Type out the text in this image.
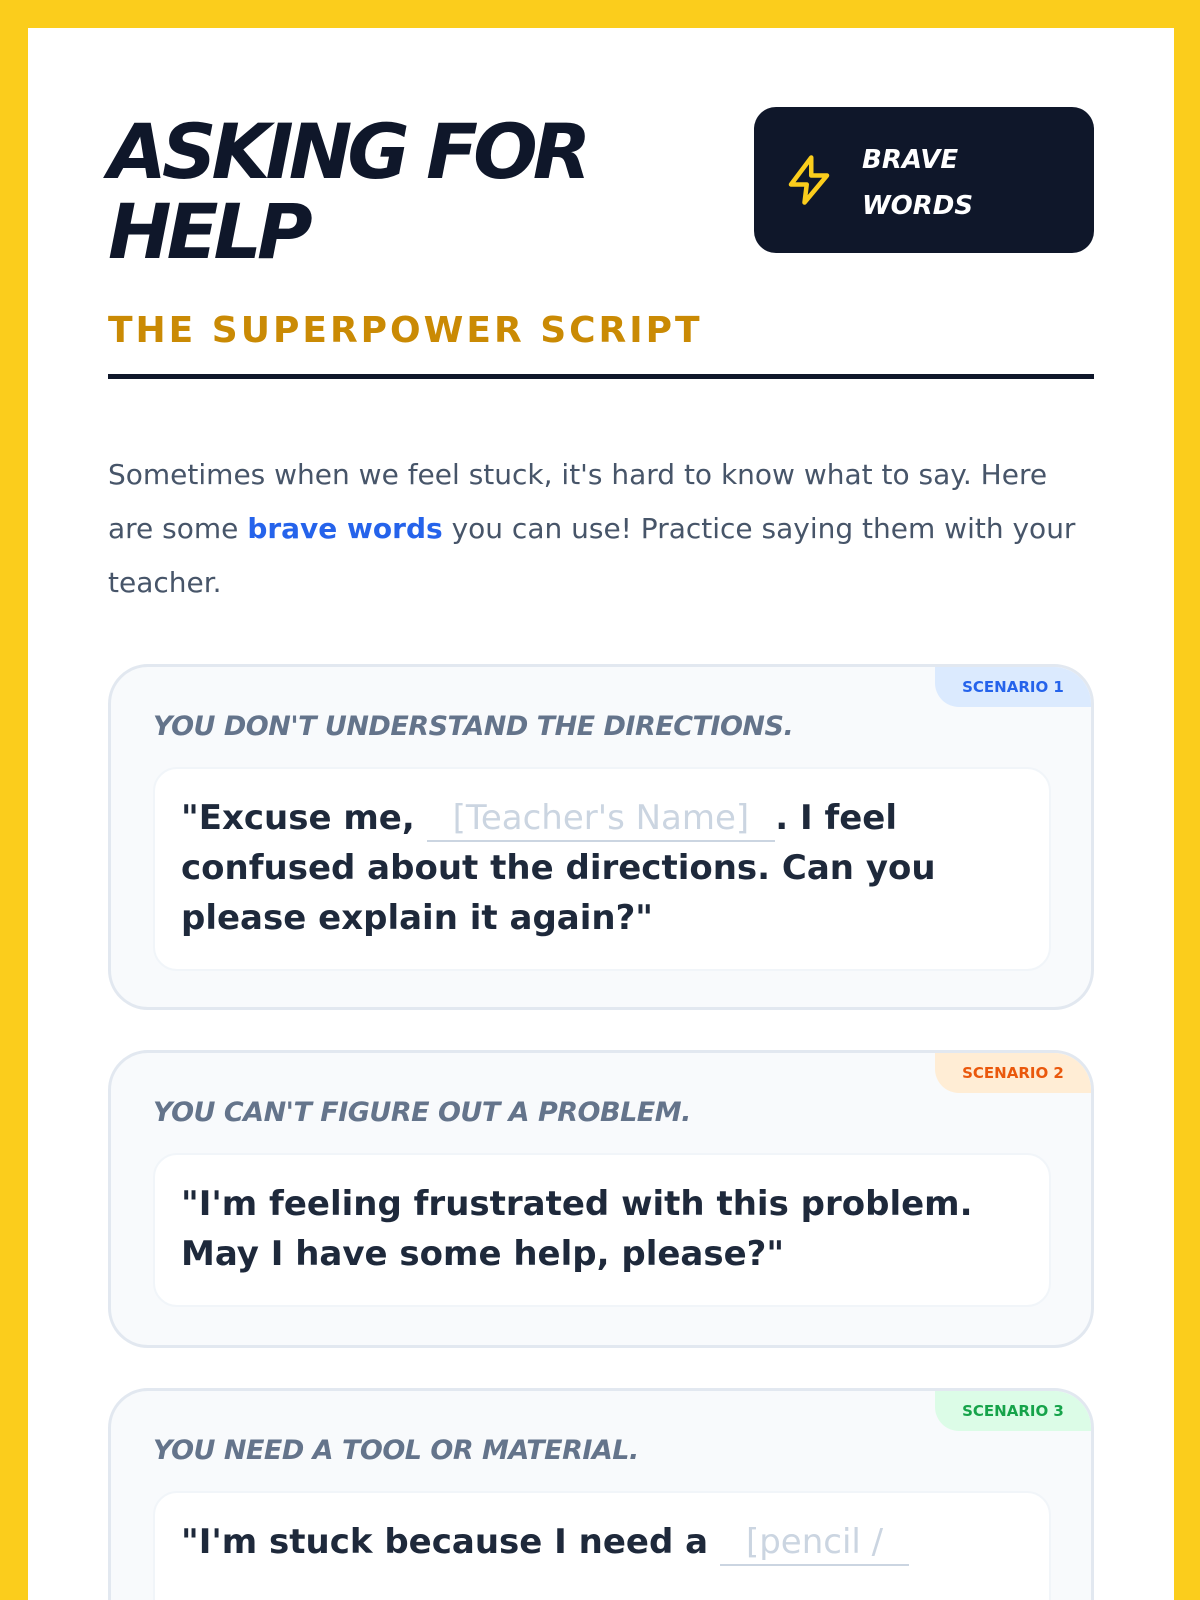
ASKING FOR HELP
BRAVE
WORDS
THE SUPERPOWER SCRIPT

Sometimes when we feel stuck, it's hard to know what to say. Here are some brave words you can use! Practice saying them with your teacher.

SCENARIO 1
YOU DON'T UNDERSTAND THE DIRECTIONS.
"Excuse me, [Teacher's Name] . I feel confused about the directions. Can you please explain it again?"
SCENARIO 2
YOU CAN'T FIGURE OUT A PROBLEM.
"I'm feeling frustrated with this problem. May I have some help, please?"
SCENARIO 3
YOU NEED A TOOL OR MATERIAL.
"I'm stuck because I need a [pencil /
